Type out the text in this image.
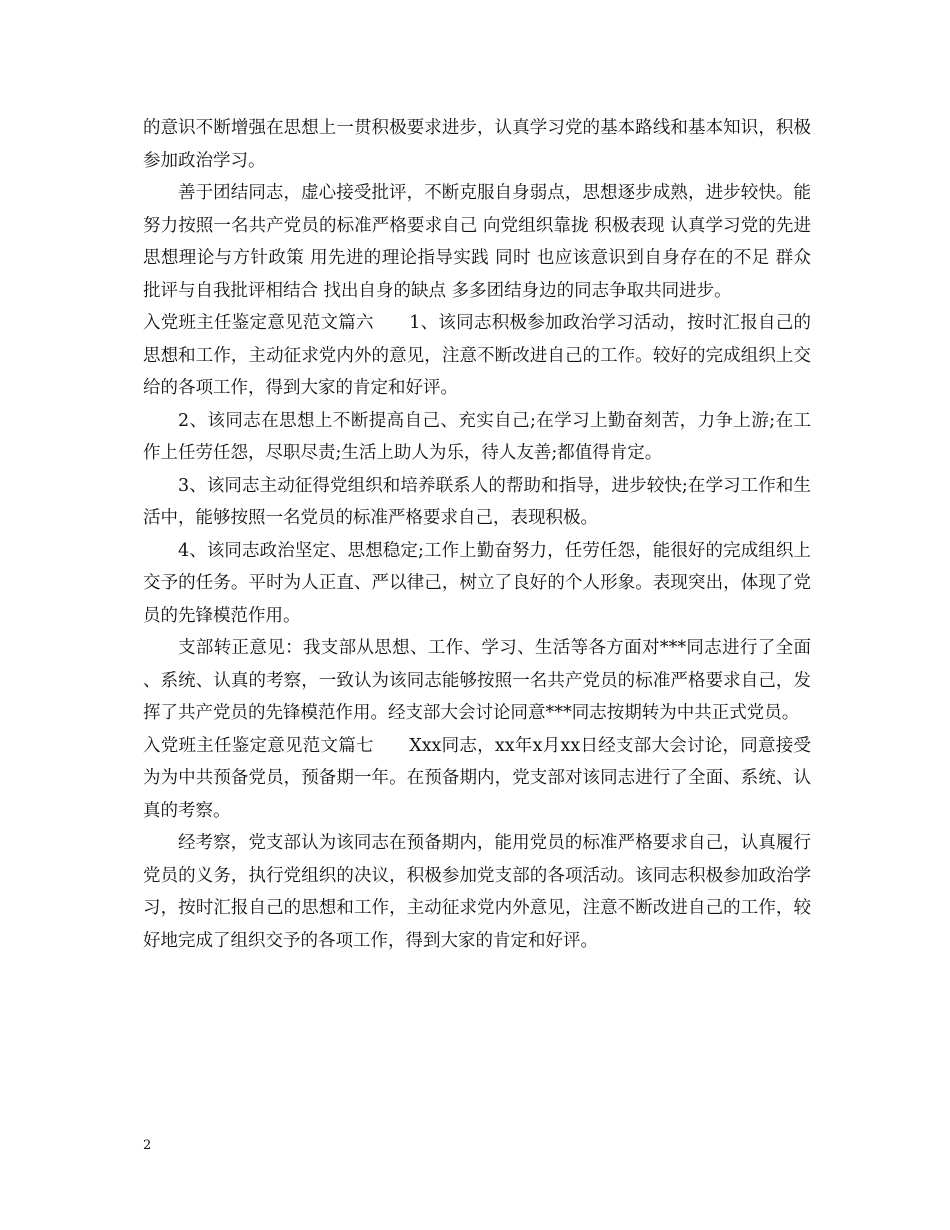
的意识不断增强在思想上一贯积极要求进步，认真学习党的基本路线和基本知识，积极参加政治学习。

善于团结同志，虚心接受批评，不断克服自身弱点，思想逐步成熟，进步较快。能努力按照一名共产党员的标准严格要求自己 向党组织靠拢 积极表现 认真学习党的先进思想理论与方针政策 用先进的理论指导实践 同时 也应该意识到自身存在的不足 群众批评与自我批评相结合 找出自身的缺点 多多团结身边的同志争取共同进步。

入党班主任鉴定意见范文篇六　　1、该同志积极参加政治学习活动，按时汇报自己的思想和工作，主动征求党内外的意见，注意不断改进自己的工作。较好的完成组织上交给的各项工作，得到大家的肯定和好评。

2、该同志在思想上不断提高自己、充实自己;在学习上勤奋刻苦，力争上游;在工作上任劳任怨，尽职尽责;生活上助人为乐，待人友善;都值得肯定。

3、该同志主动征得党组织和培养联系人的帮助和指导，进步较快;在学习工作和生活中，能够按照一名党员的标准严格要求自己，表现积极。

4、该同志政治坚定、思想稳定;工作上勤奋努力，任劳任怨，能很好的完成组织上交予的任务。平时为人正直、严以律己，树立了良好的个人形象。表现突出，体现了党员的先锋模范作用。

支部转正意见：我支部从思想、工作、学习、生活等各方面对***同志进行了全面、系统、认真的考察，一致认为该同志能够按照一名共产党员的标准严格要求自己，发挥了共产党员的先锋模范作用。经支部大会讨论同意***同志按期转为中共正式党员。

入党班主任鉴定意见范文篇七　　Xxx同志，xx年x月xx日经支部大会讨论，同意接受为为中共预备党员，预备期一年。在预备期内，党支部对该同志进行了全面、系统、认真的考察。

经考察，党支部认为该同志在预备期内，能用党员的标准严格要求自己，认真履行党员的义务，执行党组织的决议，积极参加党支部的各项活动。该同志积极参加政治学习，按时汇报自己的思想和工作，主动征求党内外意见，注意不断改进自己的工作，较好地完成了组织交予的各项工作，得到大家的肯定和好评。

2
